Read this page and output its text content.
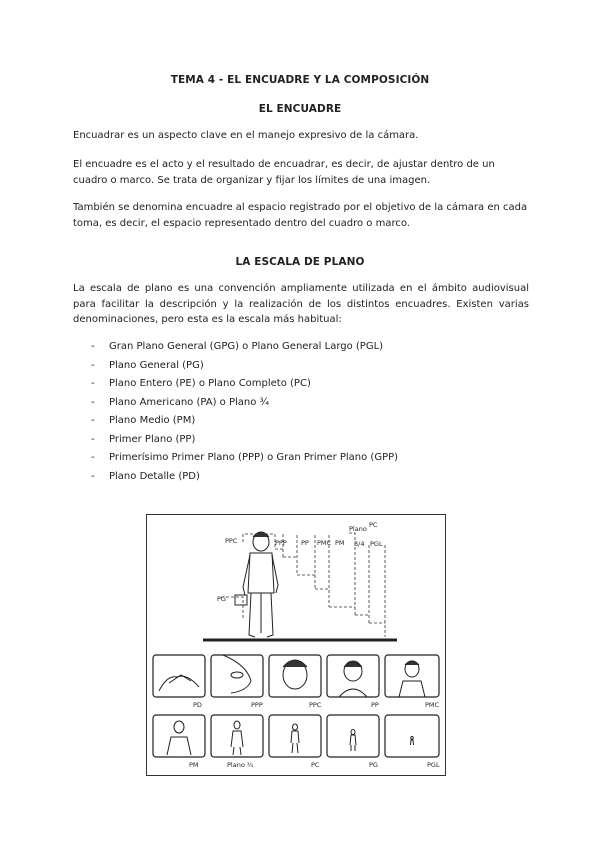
TEMA 4 - EL ENCUADRE Y LA COMPOSICIÓN
EL ENCUADRE
Encuadrar es un aspecto clave en el manejo expresivo de la cámara.
El encuadre es el acto y el resultado de encuadrar, es decir, de ajustar dentro de un cuadro o marco. Se trata de organizar y fijar los límites de una imagen.
También se denomina encuadre al espacio registrado por el objetivo de la cámara en cada toma, es decir, el espacio representado dentro del cuadro o marco.
LA ESCALA DE PLANO
La escala de plano es una convención ampliamente utilizada en el ámbito audiovisual para facilitar la descripción y la realización de los distintos encuadres. Existen varias denominaciones, pero esta es la escala más habitual:
- Gran Plano General (GPG) o Plano General Largo (PGL)
- Plano General (PG)
- Plano Entero (PE) o Plano Completo (PC)
- Plano Americano (PA) o Plano ¾
- Plano Medio (PM)
- Primer Plano (PP)
- Primerísimo Primer Plano (PPP) o Gran Primer Plano (GPP)
- Plano Detalle (PD)
PPC	PPP PP PMC PM
Plano
3/4
PC
PGL
PG
PD	PPP	PPC	PP	PMC
PM	Plano ¾	PC	PG	PGL
